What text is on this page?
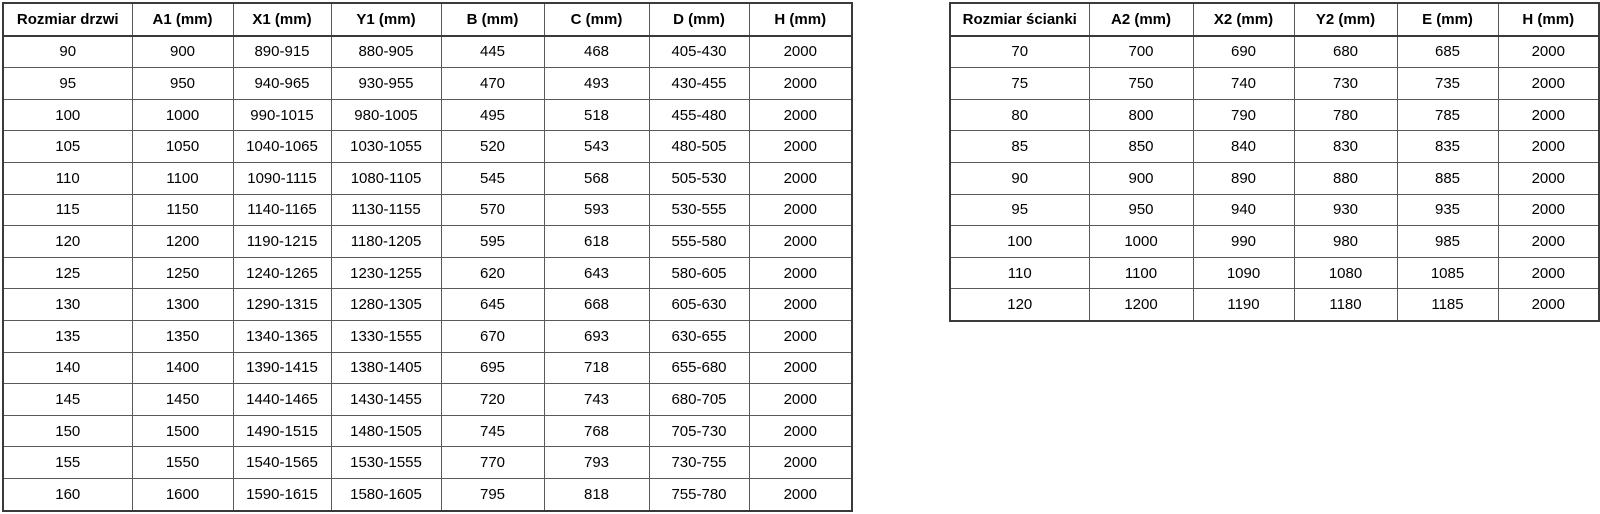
Rozmiar drzwi	A1 (mm)	X1 (mm)	Y1 (mm)	B (mm)	C (mm)	D (mm)	H (mm)
90	900	890-915	880-905	445	468	405-430	2000
95	950	940-965	930-955	470	493	430-455	2000
100	1000	990-1015	980-1005	495	518	455-480	2000
105	1050	1040-1065	1030-1055	520	543	480-505	2000
110	1100	1090-1115	1080-1105	545	568	505-530	2000
115	1150	1140-1165	1130-1155	570	593	530-555	2000
120	1200	1190-1215	1180-1205	595	618	555-580	2000
125	1250	1240-1265	1230-1255	620	643	580-605	2000
130	1300	1290-1315	1280-1305	645	668	605-630	2000
135	1350	1340-1365	1330-1555	670	693	630-655	2000
140	1400	1390-1415	1380-1405	695	718	655-680	2000
145	1450	1440-1465	1430-1455	720	743	680-705	2000
150	1500	1490-1515	1480-1505	745	768	705-730	2000
155	1550	1540-1565	1530-1555	770	793	730-755	2000
160	1600	1590-1615	1580-1605	795	818	755-780	2000
Rozmiar ścianki	A2 (mm)	X2 (mm)	Y2 (mm)	E (mm)	H (mm)
70	700	690	680	685	2000
75	750	740	730	735	2000
80	800	790	780	785	2000
85	850	840	830	835	2000
90	900	890	880	885	2000
95	950	940	930	935	2000
100	1000	990	980	985	2000
110	1100	1090	1080	1085	2000
120	1200	1190	1180	1185	2000
